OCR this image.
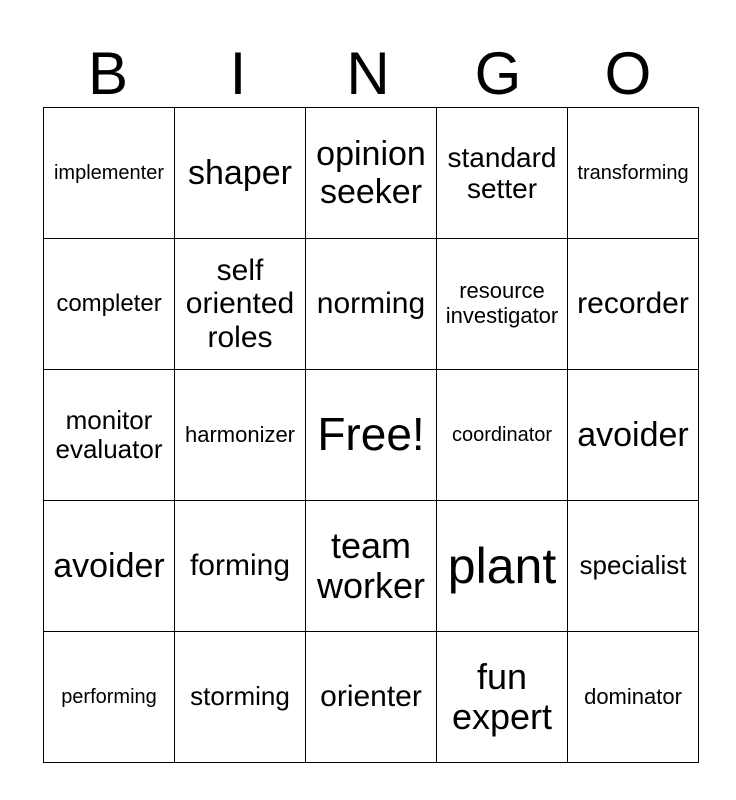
B	I	N	G	O
implementer	shaper	opinion seeker	standard setter	transforming
completer	self oriented roles	norming	resource investigator	recorder
monitor evaluator	harmonizer	Free!	coordinator	avoider
avoider	forming	team worker	plant	specialist
performing	storming	orienter	fun expert	dominator
